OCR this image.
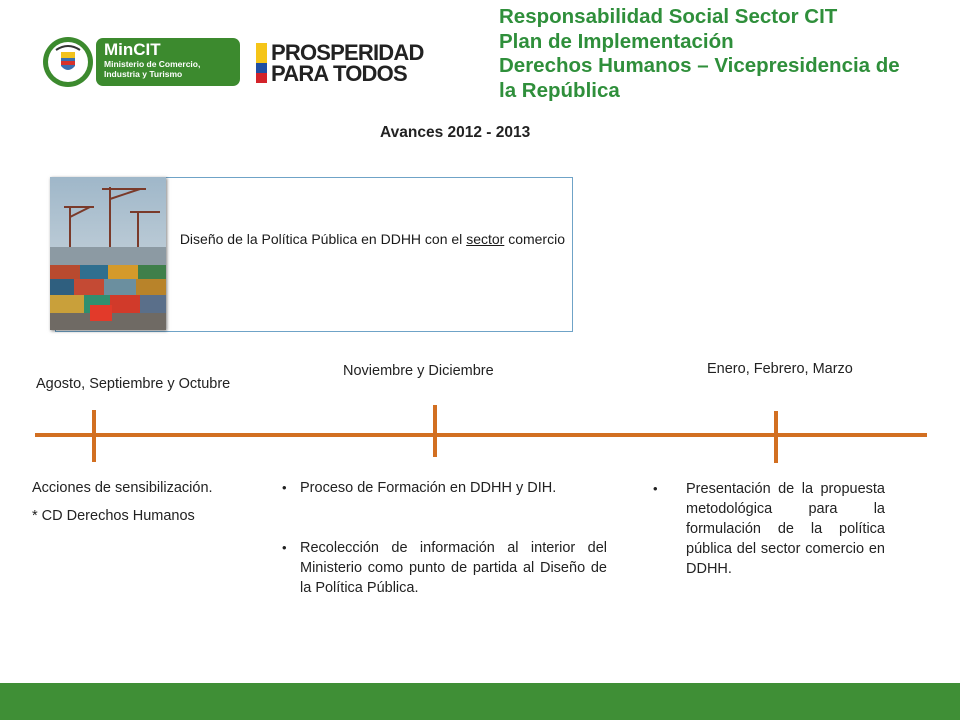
MinCIT
Ministerio de Comercio,
Industria y Turismo
PROSPERIDAD
PARA TODOS
Responsabilidad Social Sector CIT
Plan de Implementación
Derechos Humanos – Vicepresidencia de
la República
Avances 2012 - 2013
Diseño de la Política Pública en DDHH con el sector comercio
Agosto, Septiembre y Octubre
Noviembre y Diciembre	Enero, Febrero, Marzo
Acciones de sensibilización.
* CD Derechos Humanos
• Proceso de Formación en DDHH y DIH.
• Recolección de información al interior del Ministerio como punto de partida al Diseño de la Política Pública.
• Presentación de la propuesta metodológica para la formulación de la política pública del sector comercio en DDHH.
